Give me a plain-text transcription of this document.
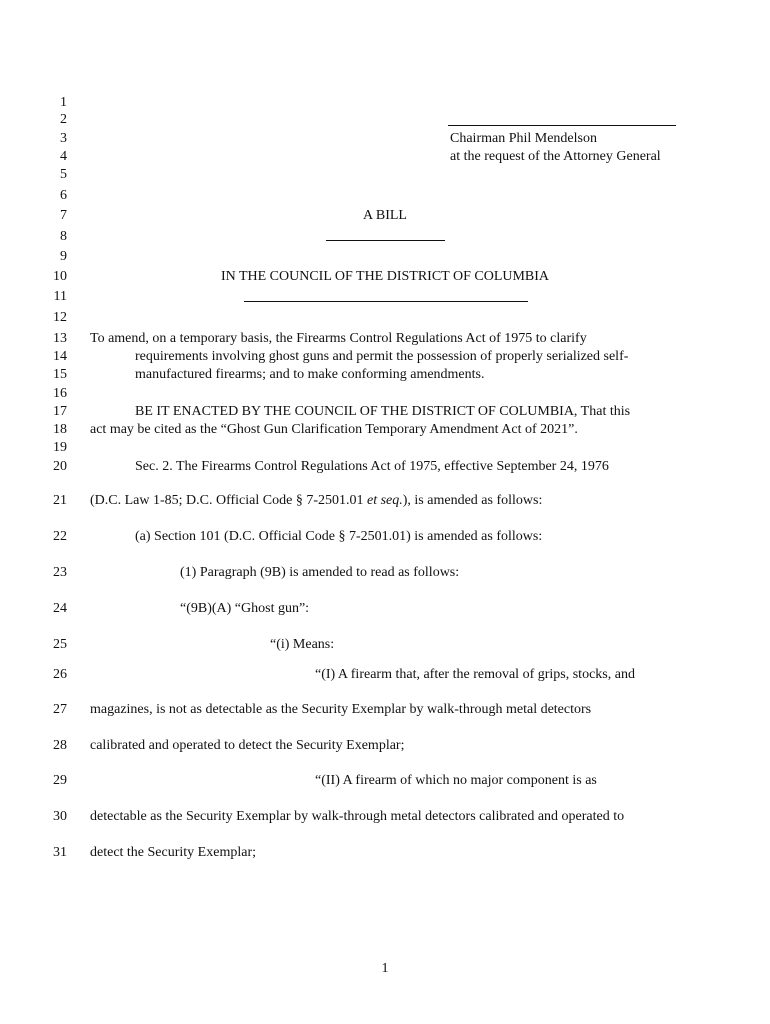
1
2
3
4
5
6
7
8
9
10
11
12
13
14
15
16
17
18
19
20
21
22
23
24
25
26
27
28
29
30
31
Chairman Phil Mendelson
at the request of the Attorney General
A BILL
IN THE COUNCIL OF THE DISTRICT OF COLUMBIA
To amend, on a temporary basis, the Firearms Control Regulations Act of 1975 to clarify
requirements involving ghost guns and permit the possession of properly serialized self-
manufactured firearms; and to make conforming amendments.
BE IT ENACTED BY THE COUNCIL OF THE DISTRICT OF COLUMBIA, That this
act may be cited as the “Ghost Gun Clarification Temporary Amendment Act of 2021”.
Sec. 2. The Firearms Control Regulations Act of 1975, effective September 24, 1976
(D.C. Law 1-85; D.C. Official Code § 7-2501.01 et seq.), is amended as follows:
(a) Section 101 (D.C. Official Code § 7-2501.01) is amended as follows:
(1) Paragraph (9B) is amended to read as follows:
“(9B)(A) “Ghost gun”:
“(i) Means:
“(I) A firearm that, after the removal of grips, stocks, and
magazines, is not as detectable as the Security Exemplar by walk-through metal detectors
calibrated and operated to detect the Security Exemplar;
“(II) A firearm of which no major component is as
detectable as the Security Exemplar by walk-through metal detectors calibrated and operated to
detect the Security Exemplar;
1
